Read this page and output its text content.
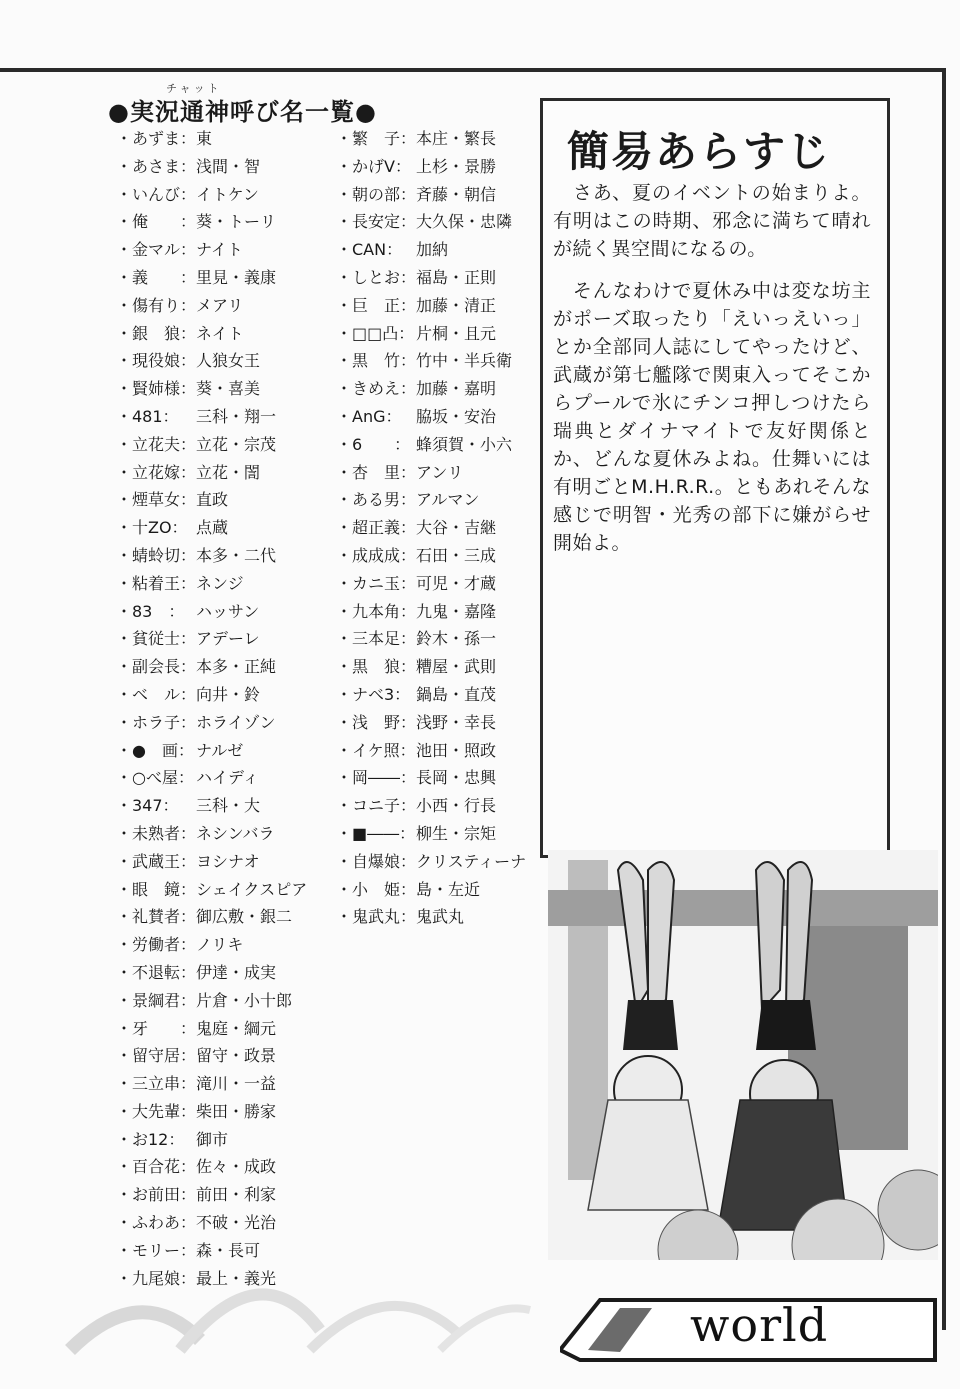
チャット
●実況通神呼び名一覧●
・あずま：東
・あさま：浅間・智
・いんび：イトケン
・俺　　：葵・トーリ
・金マル：ナイト
・義　　：里見・義康
・傷有り：メアリ
・銀　狼：ネイト
・現役娘：人狼女王
・賢姉様：葵・喜美
・481： 三科・翔一
・立花夫：立花・宗茂
・立花嫁：立花・誾
・煙草女：直政
・十ZO： 点蔵
・蜻蛉切：本多・二代
・粘着王：ネンジ
・83　： ハッサン
・貧従士：アデーレ
・副会長：本多・正純
・ベ　ル：向井・鈴
・ホラ子：ホライゾン
・●　画： ナルゼ
・○べ屋： ハイディ
・347： 三科・大
・未熟者：ネシンバラ
・武蔵王：ヨシナオ
・眼　鏡：シェイクスピア
・礼賛者：御広敷・銀二
・労働者：ノリキ
・不退転：伊達・成実
・景綱君：片倉・小十郎
・牙　　：鬼庭・綱元
・留守居：留守・政景
・三立串：滝川・一益
・大先輩：柴田・勝家
・お12： 御市
・百合花：佐々・成政
・お前田：前田・利家
・ふわあ：不破・光治
・モリー：森・長可
・九尾娘：最上・義光
・繁　子：本庄・繁長
・かげV： 上杉・景勝
・朝の部：斉藤・朝信
・長安定：大久保・忠隣
・CAN： 加納
・しとお：福島・正則
・巨　正：加藤・清正
・□□凸： 片桐・且元
・黒　竹：竹中・半兵衛
・きめえ：加藤・嘉明
・AnG： 脇坂・安治
・6　　： 蜂須賀・小六
・杏　里：アンリ
・ある男：アルマン
・超正義：大谷・吉継
・成成成：石田・三成
・カニ玉：可児・才蔵
・九本角：九鬼・嘉隆
・三本足：鈴木・孫一
・黒　狼：糟屋・武則
・ナベ3： 鍋島・直茂
・浅　野：浅野・幸長
・イケ照：池田・照政
・岡――：長岡・忠興
・コニ子：小西・行長
・■――：柳生・宗矩
・自爆娘：クリスティーナ
・小　姫：島・左近
・鬼武丸：鬼武丸
簡易あらすじ
　さあ、夏のイベントの始まりよ。有明はこの時期、邪念に満ちて晴れが続く異空間になるの。
　そんなわけで夏休み中は変な坊主がポーズ取ったり「えいっえいっ」とか全部同人誌にしてやったけど、武蔵が第七艦隊で関東入ってそこからプールで氷にチンコ押しつけたら瑞典とダイナマイトで友好関係とか、どんな夏休みよね。仕舞いには有明ごとM.H.R.R.。ともあれそんな感じで明智・光秀の部下に嫌がらせ開始よ。
world
